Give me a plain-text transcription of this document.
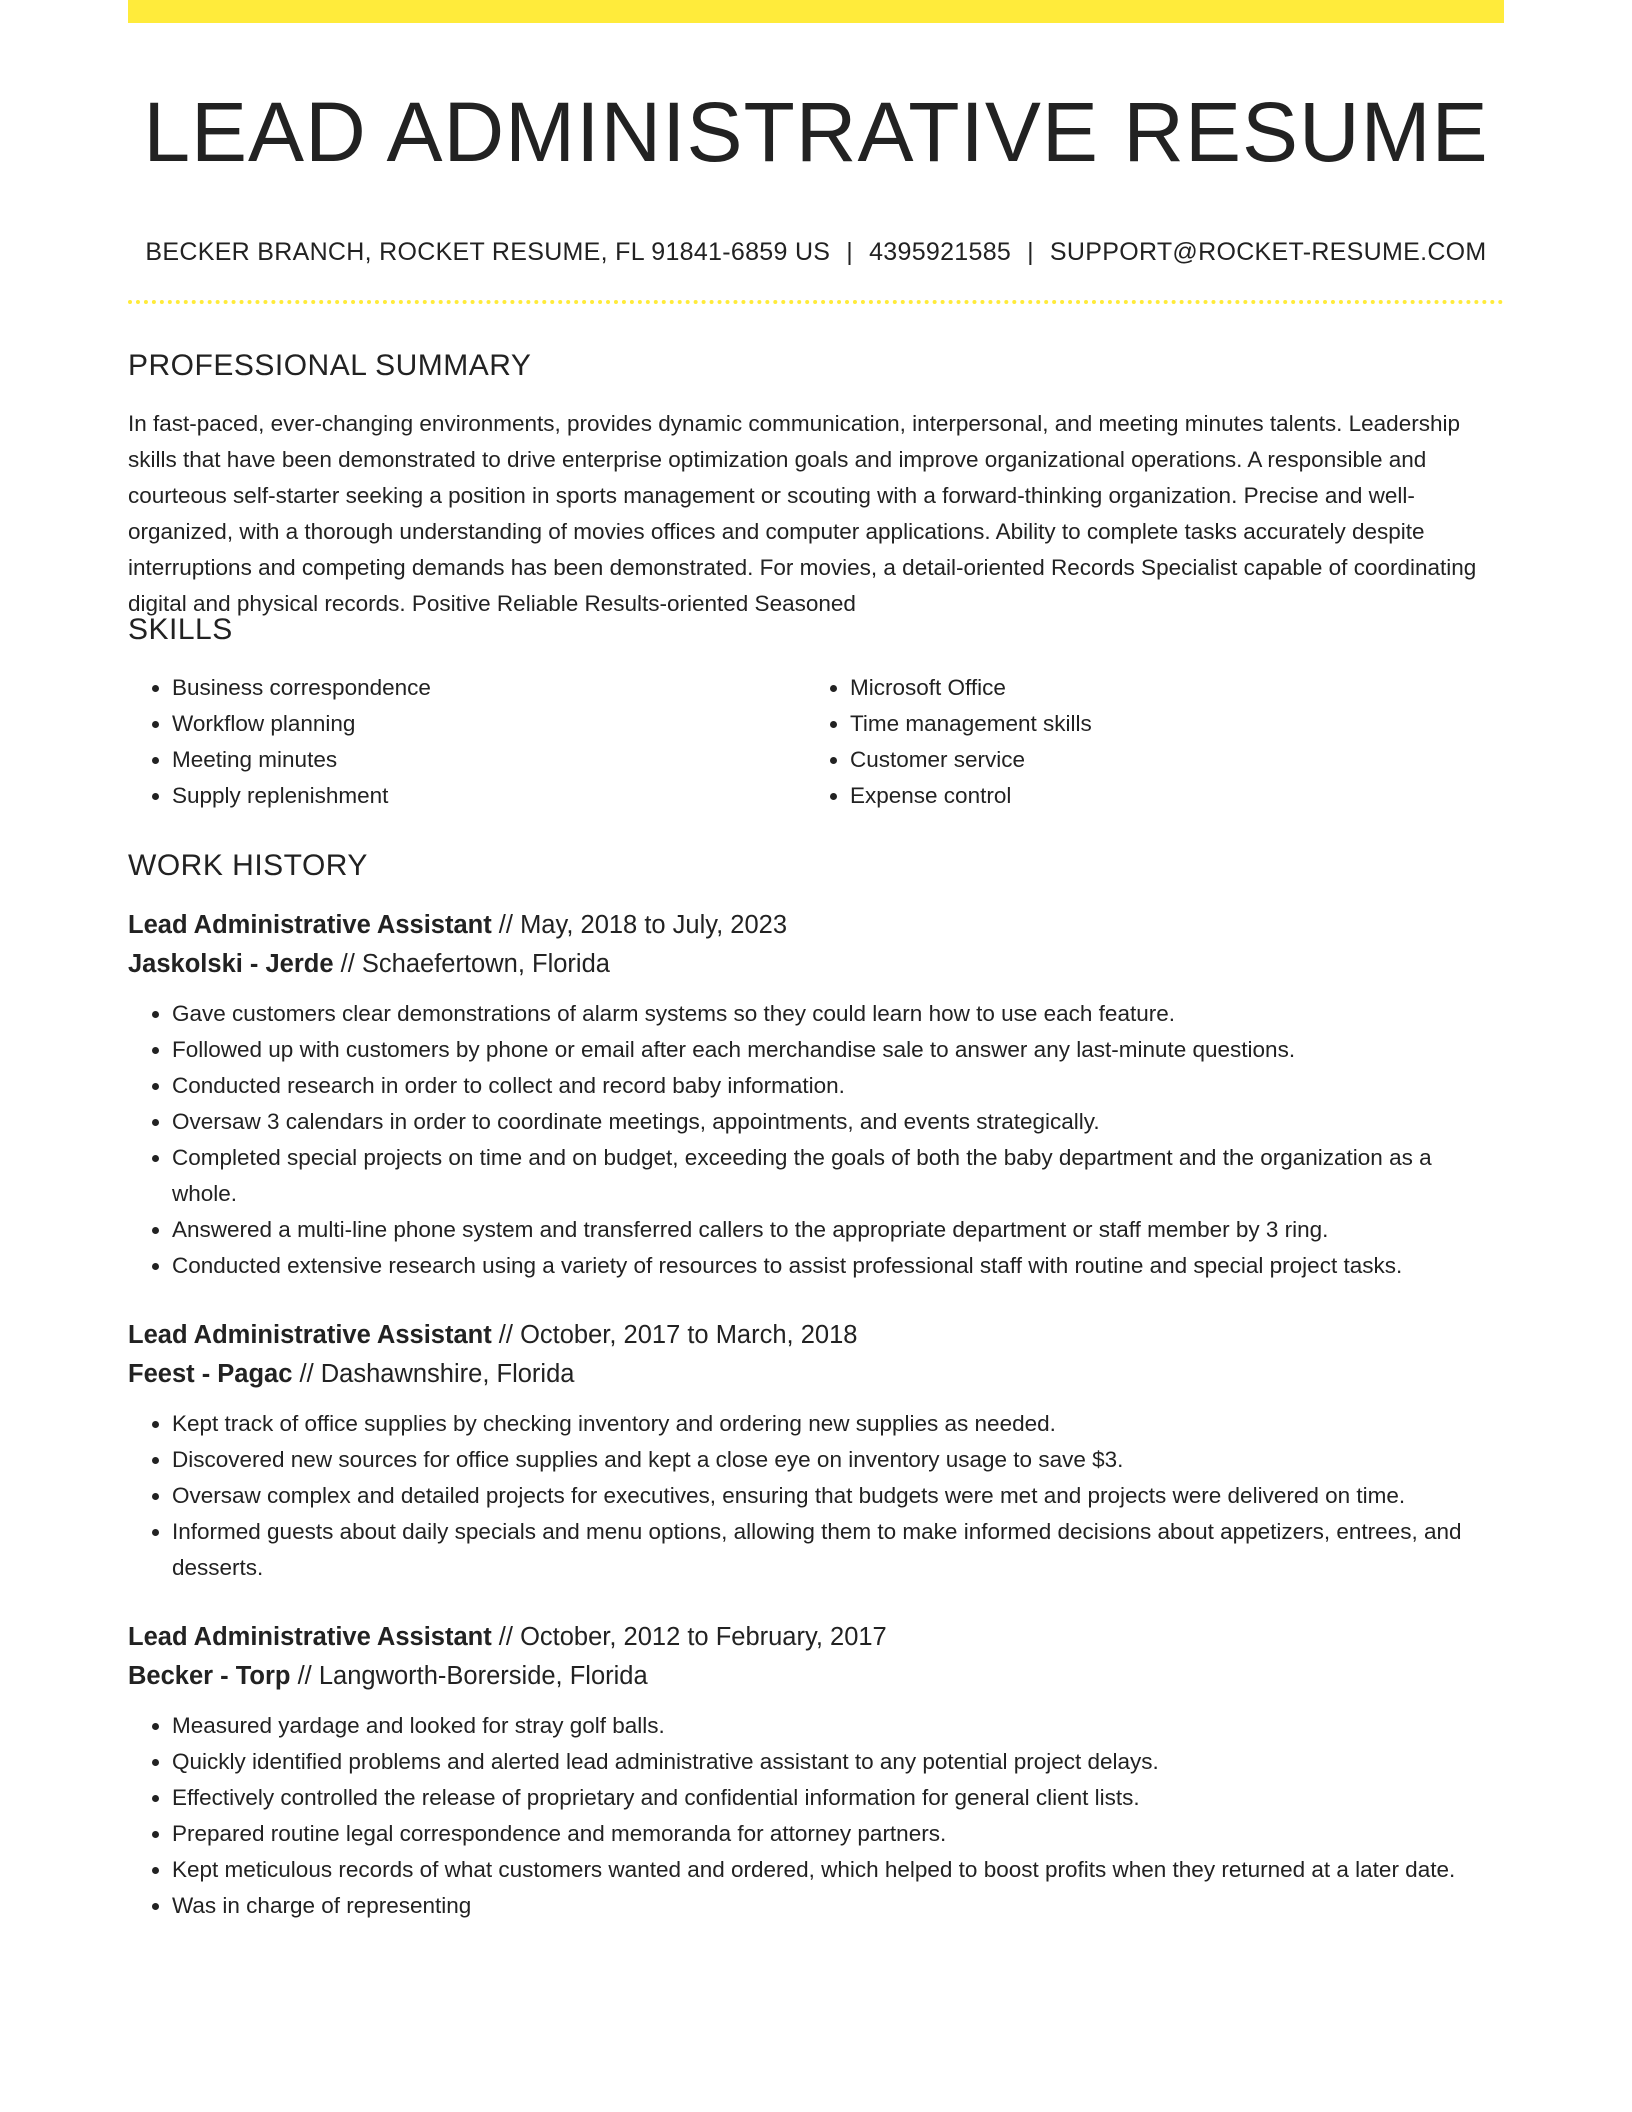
LEAD ADMINISTRATIVE RESUME
BECKER BRANCH, ROCKET RESUME, FL 91841-6859 US | 4395921585 | SUPPORT@ROCKET-RESUME.COM
PROFESSIONAL SUMMARY

In fast-paced, ever-changing environments, provides dynamic communication, interpersonal, and meeting minutes talents. Leadership skills that have been demonstrated to drive enterprise optimization goals and improve organizational operations. A responsible and courteous self-starter seeking a position in sports management or scouting with a forward-thinking organization. Precise and well-organized, with a thorough understanding of movies offices and computer applications. Ability to complete tasks accurately despite interruptions and competing demands has been demonstrated. For movies, a detail-oriented Records Specialist capable of coordinating digital and physical records. Positive Reliable Results-oriented Seasoned

SKILLS
• Business correspondence
• Workflow planning
• Meeting minutes
• Supply replenishment
• Microsoft Office
• Time management skills
• Customer service
• Expense control
WORK HISTORY
Lead Administrative Assistant // May, 2018 to July, 2023
Jaskolski - Jerde // Schaefertown, Florida
• Gave customers clear demonstrations of alarm systems so they could learn how to use each feature.
• Followed up with customers by phone or email after each merchandise sale to answer any last-minute questions.
• Conducted research in order to collect and record baby information.
• Oversaw 3 calendars in order to coordinate meetings, appointments, and events strategically.
• Completed special projects on time and on budget, exceeding the goals of both the baby department and the organization as a whole.
• Answered a multi-line phone system and transferred callers to the appropriate department or staff member by 3 ring.
• Conducted extensive research using a variety of resources to assist professional staff with routine and special project tasks.
Lead Administrative Assistant // October, 2017 to March, 2018
Feest - Pagac // Dashawnshire, Florida
• Kept track of office supplies by checking inventory and ordering new supplies as needed.
• Discovered new sources for office supplies and kept a close eye on inventory usage to save $3.
• Oversaw complex and detailed projects for executives, ensuring that budgets were met and projects were delivered on time.
• Informed guests about daily specials and menu options, allowing them to make informed decisions about appetizers, entrees, and desserts.
Lead Administrative Assistant // October, 2012 to February, 2017
Becker - Torp // Langworth-Borerside, Florida
• Measured yardage and looked for stray golf balls.
• Quickly identified problems and alerted lead administrative assistant to any potential project delays.
• Effectively controlled the release of proprietary and confidential information for general client lists.
• Prepared routine legal correspondence and memoranda for attorney partners.
• Kept meticulous records of what customers wanted and ordered, which helped to boost profits when they returned at a later date.
• Was in charge of representing
